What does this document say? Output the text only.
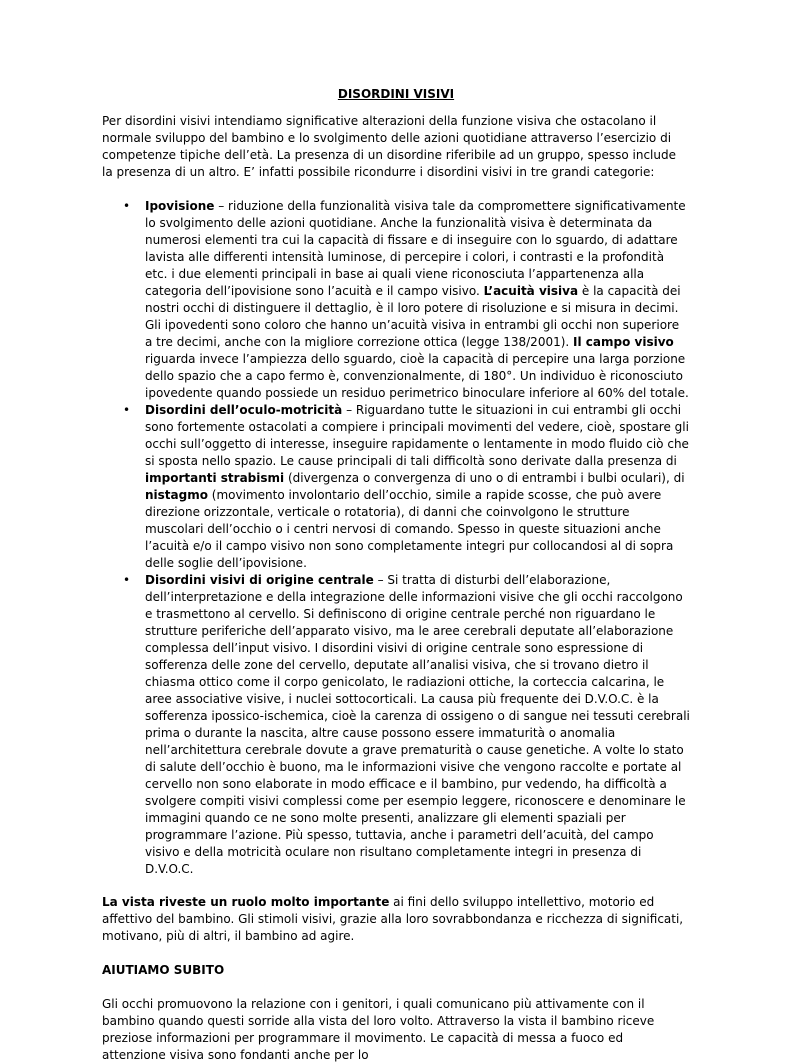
DISORDINI VISIVI

Per disordini visivi intendiamo significative alterazioni della funzione visiva che ostacolano il normale sviluppo del bambino e lo svolgimento delle azioni quotidiane attraverso l’esercizio di competenze tipiche dell’età. La presenza di un disordine riferibile ad un gruppo, spesso include la presenza di un altro. E’ infatti possibile ricondurre i disordini visivi in tre grandi categorie:

• Ipovisione – riduzione della funzionalità visiva tale da compromettere significativamente lo svolgimento delle azioni quotidiane. Anche la funzionalità visiva è determinata da numerosi elementi tra cui la capacità di fissare e di inseguire con lo sguardo, di adattare lavista alle differenti intensità luminose, di percepire i colori, i contrasti e la profondità etc. i due elementi principali in base ai quali viene riconosciuta l’appartenenza alla categoria dell’ipovisione sono l’acuità e il campo visivo. L’acuità visiva è la capacità dei nostri occhi di distinguere il dettaglio, è il loro potere di risoluzione e si misura in decimi. Gli ipovedenti sono coloro che hanno un’acuità visiva in entrambi gli occhi non superiore a tre decimi, anche con la migliore correzione ottica (legge 138/2001). Il campo visivo riguarda invece l’ampiezza dello sguardo, cioè la capacità di percepire una larga porzione dello spazio che a capo fermo è, convenzionalmente, di 180°. Un individuo è riconosciuto ipovedente quando possiede un residuo perimetrico binoculare inferiore al 60% del totale.
• Disordini dell’oculo-motricità – Riguardano tutte le situazioni in cui entrambi gli occhi sono fortemente ostacolati a compiere i principali movimenti del vedere, cioè, spostare gli occhi sull’oggetto di interesse, inseguire rapidamente o lentamente in modo fluido ciò che si sposta nello spazio. Le cause principali di tali difficoltà sono derivate dalla presenza di importanti strabismi (divergenza o convergenza di uno o di entrambi i bulbi oculari), di nistagmo (movimento involontario dell’occhio, simile a rapide scosse, che può avere direzione orizzontale, verticale o rotatoria), di danni che coinvolgono le strutture muscolari dell’occhio o i centri nervosi di comando. Spesso in queste situazioni anche l’acuità e/o il campo visivo non sono completamente integri pur collocandosi al di sopra delle soglie dell’ipovisione.
• Disordini visivi di origine centrale – Si tratta di disturbi dell’elaborazione, dell’interpretazione e della integrazione delle informazioni visive che gli occhi raccolgono e trasmettono al cervello. Si definiscono di origine centrale perché non riguardano le strutture periferiche dell’apparato visivo, ma le aree cerebrali deputate all’elaborazione complessa dell’input visivo. I disordini visivi di origine centrale sono espressione di sofferenza delle zone del cervello, deputate all’analisi visiva, che si trovano dietro il chiasma ottico come il corpo genicolato, le radiazioni ottiche, la corteccia calcarina, le aree associative visive, i nuclei sottocorticali. La causa più frequente dei D.V.O.C. è la sofferenza ipossico-ischemica, cioè la carenza di ossigeno o di sangue nei tessuti cerebrali prima o durante la nascita, altre cause possono essere immaturità o anomalia nell’architettura cerebrale dovute a grave prematurità o cause genetiche. A volte lo stato di salute dell’occhio è buono, ma le informazioni visive che vengono raccolte e portate al cervello non sono elaborate in modo efficace e il bambino, pur vedendo, ha difficoltà a svolgere compiti visivi complessi come per esempio leggere, riconoscere e denominare le immagini quando ce ne sono molte presenti, analizzare gli elementi spaziali per programmare l’azione. Più spesso, tuttavia, anche i parametri dell’acuità, del campo visivo e della motricità oculare non risultano completamente integri in presenza di D.V.O.C.

La vista riveste un ruolo molto importante ai fini dello sviluppo intellettivo, motorio ed affettivo del bambino. Gli stimoli visivi, grazie alla loro sovrabbondanza e ricchezza di significati, motivano, più di altri, il bambino ad agire.

AIUTIAMO SUBITO

Gli occhi promuovono la relazione con i genitori, i quali comunicano più attivamente con il bambino quando questi sorride alla vista del loro volto. Attraverso la vista il bambino riceve preziose informazioni per programmare il movimento. Le capacità di messa a fuoco ed attenzione visiva sono fondanti anche per lo
